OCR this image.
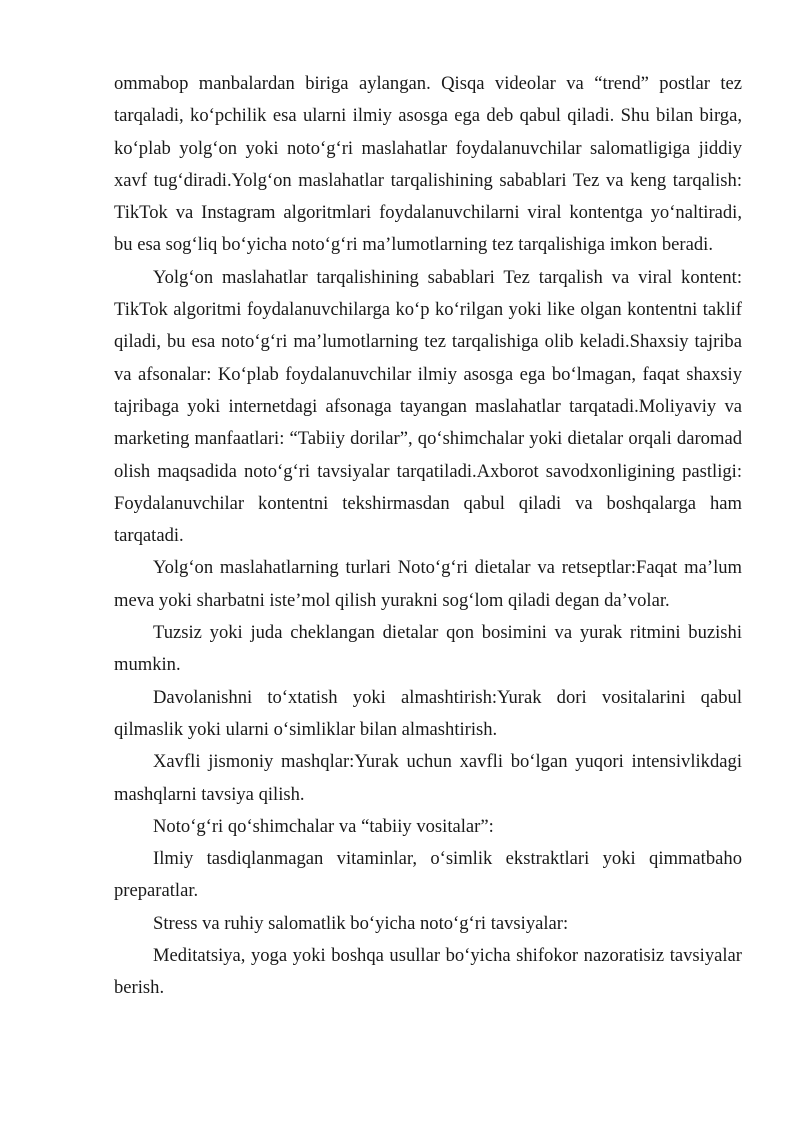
ommabop manbalardan biriga aylangan. Qisqa videolar va “trend” postlar tez tarqaladi, ko‘pchilik esa ularni ilmiy asosga ega deb qabul qiladi. Shu bilan birga, ko‘plab yolg‘on yoki noto‘g‘ri maslahatlar foydalanuvchilar salomatligiga jiddiy xavf tug‘diradi.Yolg‘on maslahatlar tarqalishining sabablari Tez va keng tarqalish: TikTok va Instagram algoritmlari foydalanuvchilarni viral kontentga yo‘naltiradi, bu esa sog‘liq bo‘yicha noto‘g‘ri ma’lumotlarning tez tarqalishiga imkon beradi.

Yolg‘on maslahatlar tarqalishining sabablari Tez tarqalish va viral kontent: TikTok algoritmi foydalanuvchilarga ko‘p ko‘rilgan yoki like olgan kontentni taklif qiladi, bu esa noto‘g‘ri ma’lumotlarning tez tarqalishiga olib keladi.Shaxsiy tajriba va afsonalar: Ko‘plab foydalanuvchilar ilmiy asosga ega bo‘lmagan, faqat shaxsiy tajribaga yoki internetdagi afsonaga tayangan maslahatlar tarqatadi.Moliyaviy va marketing manfaatlari: “Tabiiy dorilar”, qo‘shimchalar yoki dietalar orqali daromad olish maqsadida noto‘g‘ri tavsiyalar tarqatiladi.Axborot savodxonligining pastligi: Foydalanuvchilar kontentni tekshirmasdan qabul qiladi va boshqalarga ham tarqatadi.

Yolg‘on maslahatlarning turlari Noto‘g‘ri dietalar va retseptlar:Faqat ma’lum meva yoki sharbatni iste’mol qilish yurakni sog‘lom qiladi degan da’volar.

Tuzsiz yoki juda cheklangan dietalar qon bosimini va yurak ritmini buzishi mumkin.

Davolanishni to‘xtatish yoki almashtirish:Yurak dori vositalarini qabul qilmaslik yoki ularni o‘simliklar bilan almashtirish.

Xavfli jismoniy mashqlar:Yurak uchun xavfli bo‘lgan yuqori intensivlikdagi mashqlarni tavsiya qilish.

Noto‘g‘ri qo‘shimchalar va “tabiiy vositalar”:

Ilmiy tasdiqlanmagan vitaminlar, o‘simlik ekstraktlari yoki qimmatbaho preparatlar.

Stress va ruhiy salomatlik bo‘yicha noto‘g‘ri tavsiyalar:

Meditatsiya, yoga yoki boshqa usullar bo‘yicha shifokor nazoratisiz tavsiyalar berish.
